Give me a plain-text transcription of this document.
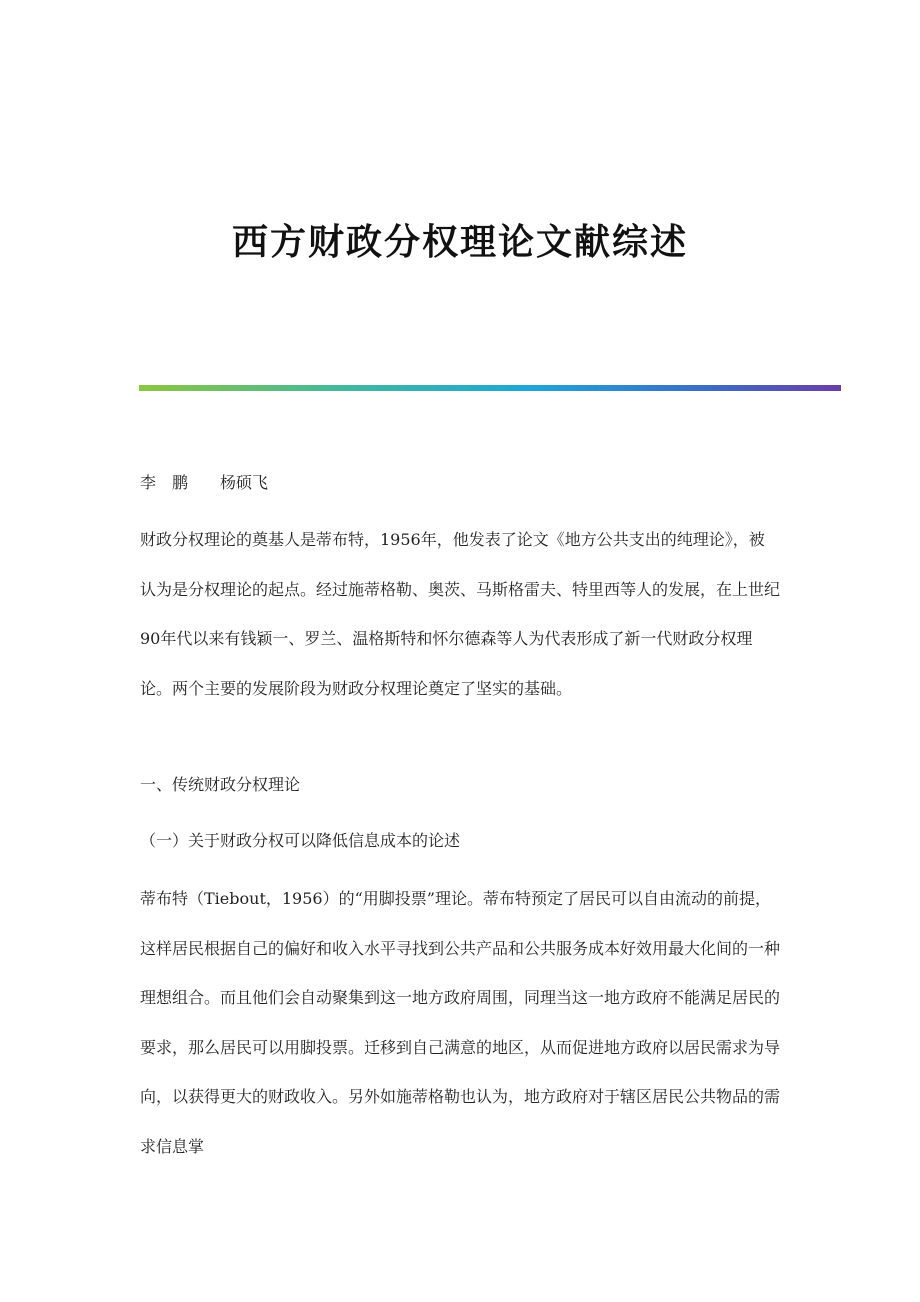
西方财政分权理论文献综述
李　鹏　　杨硕飞

财政分权理论的奠基人是蒂布特，1956年，他发表了论文《地方公共支出的纯理论》，被认为是分权理论的起点。经过施蒂格勒、奥茨、马斯格雷夫、特里西等人的发展，在上世纪 90年代以来有钱颖一、罗兰、温格斯特和怀尔德森等人为代表形成了新一代财政分权理论。两个主要的发展阶段为财政分权理论奠定了坚实的基础。

一、传统财政分权理论
（一）关于财政分权可以降低信息成本的论述

蒂布特（Tiebout，1956）的“用脚投票”理论。蒂布特预定了居民可以自由流动的前提，这样居民根据自己的偏好和收入水平寻找到公共产品和公共服务成本好效用最大化间的一种理想组合。而且他们会自动聚集到这一地方政府周围，同理当这一地方政府不能满足居民的要求，那么居民可以用脚投票。迁移到自己满意的地区，从而促进地方政府以居民需求为导向，以获得更大的财政收入。另外如施蒂格勒也认为，地方政府对于辖区居民公共物品的需求信息掌
